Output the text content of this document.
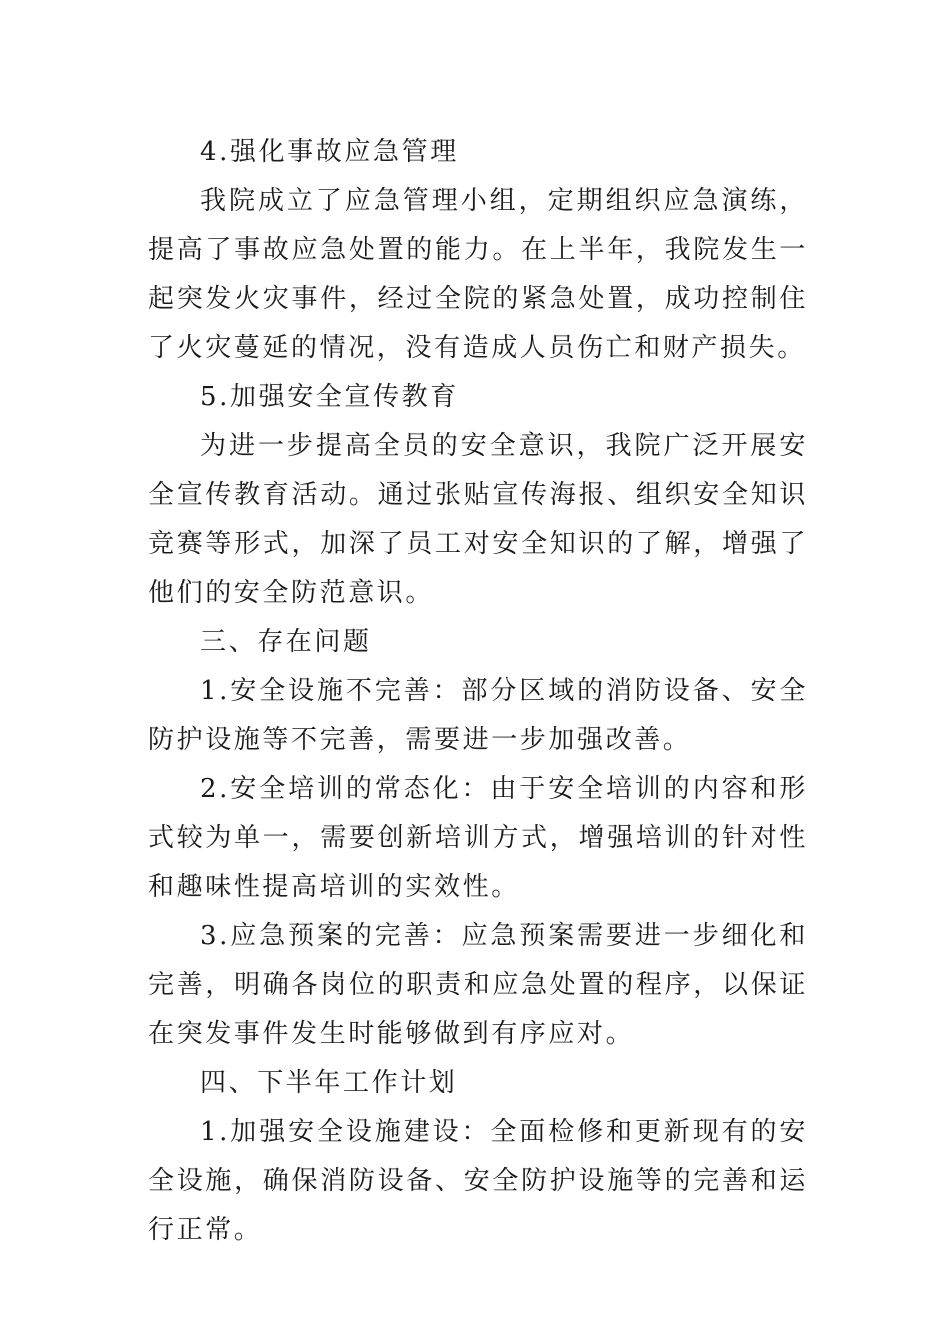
4.强化事故应急管理

我院成立了应急管理小组，定期组织应急演练，提高了事故应急处置的能力。在上半年，我院发生一起突发火灾事件，经过全院的紧急处置，成功控制住了火灾蔓延的情况，没有造成人员伤亡和财产损失。

5.加强安全宣传教育

为进一步提高全员的安全意识，我院广泛开展安全宣传教育活动。通过张贴宣传海报、组织安全知识竞赛等形式，加深了员工对安全知识的了解，增强了他们的安全防范意识。

三、存在问题

1.安全设施不完善：部分区域的消防设备、安全防护设施等不完善，需要进一步加强改善。

2.安全培训的常态化：由于安全培训的内容和形式较为单一，需要创新培训方式，增强培训的针对性和趣味性提高培训的实效性。

3.应急预案的完善：应急预案需要进一步细化和完善，明确各岗位的职责和应急处置的程序，以保证在突发事件发生时能够做到有序应对。

四、下半年工作计划

1.加强安全设施建设：全面检修和更新现有的安全设施，确保消防设备、安全防护设施等的完善和运行正常。
